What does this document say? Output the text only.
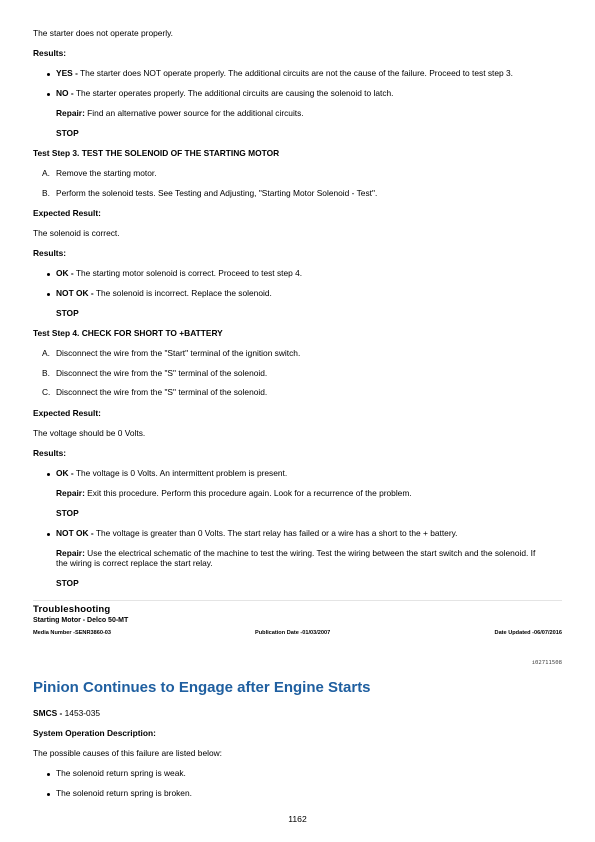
The starter does not operate properly.
Results:
YES - The starter does NOT operate properly. The additional circuits are not the cause of the failure. Proceed to test step 3.
NO - The starter operates properly. The additional circuits are causing the solenoid to latch.
Repair: Find an alternative power source for the additional circuits.
STOP
Test Step 3. TEST THE SOLENOID OF THE STARTING MOTOR
A. Remove the starting motor.
B. Perform the solenoid tests. See Testing and Adjusting, "Starting Motor Solenoid - Test".
Expected Result:
The solenoid is correct.
Results:
OK - The starting motor solenoid is correct. Proceed to test step 4.
NOT OK - The solenoid is incorrect. Replace the solenoid.
STOP
Test Step 4. CHECK FOR SHORT TO +BATTERY
A. Disconnect the wire from the "Start" terminal of the ignition switch.
B. Disconnect the wire from the "S" terminal of the solenoid.
C. Disconnect the wire from the "S" terminal of the solenoid.
Expected Result:
The voltage should be 0 Volts.
Results:
OK - The voltage is 0 Volts. An intermittent problem is present.
Repair: Exit this procedure. Perform this procedure again. Look for a recurrence of the problem.
STOP
NOT OK - The voltage is greater than 0 Volts. The start relay has failed or a wire has a short to the + battery.
Repair: Use the electrical schematic of the machine to test the wiring. Test the wiring between the start switch and the solenoid. If the wiring is correct replace the start relay.
STOP
Troubleshooting
Starting Motor - Delco 50-MT
Media Number -SENR3860-03	Publication Date -01/03/2007	Date Updated -06/07/2016
i02711508
Pinion Continues to Engage after Engine Starts
SMCS - 1453-035
System Operation Description:
The possible causes of this failure are listed below:
The solenoid return spring is weak.
The solenoid return spring is broken.
1162
